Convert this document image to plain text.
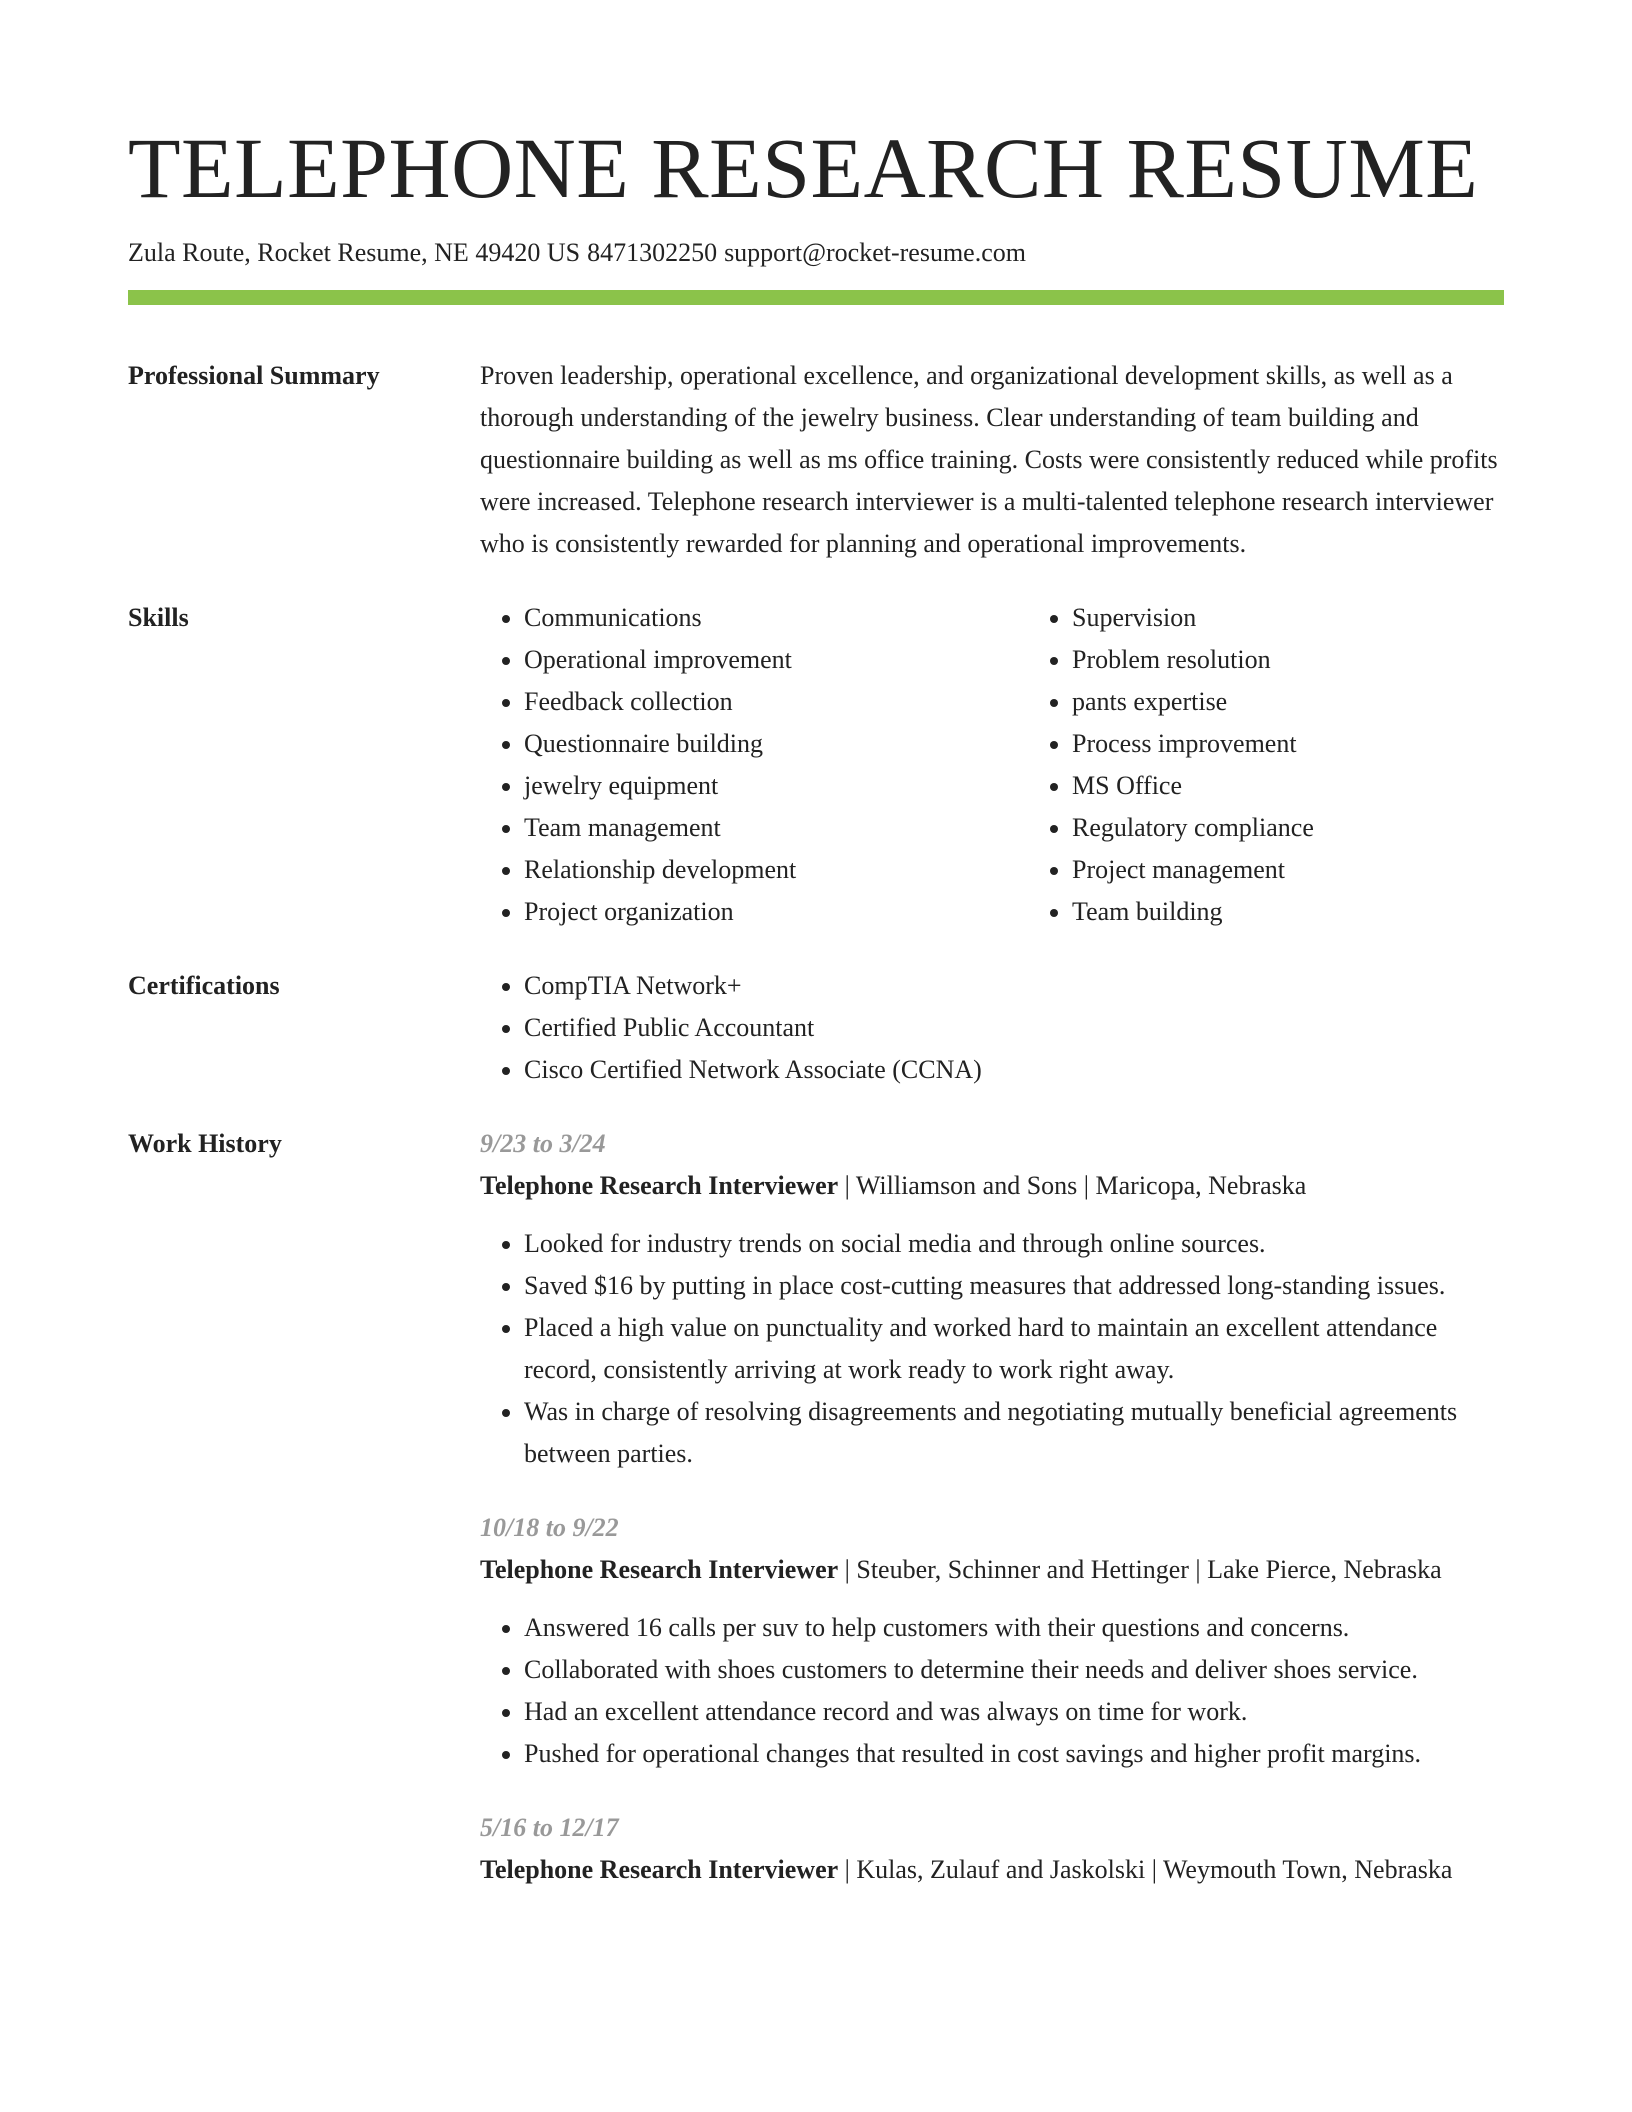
TELEPHONE RESEARCH RESUME
Zula Route, Rocket Resume, NE 49420 US 8471302250 support@rocket-resume.com
Professional Summary	Proven leadership, operational excellence, and organizational development skills, as well as a thorough understanding of the jewelry business. Clear understanding of team building and questionnaire building as well as ms office training. Costs were consistently reduced while profits were increased. Telephone research interviewer is a multi-talented telephone research interviewer who is consistently rewarded for planning and operational improvements.

Skills	• Communications
• Operational improvement
• Feedback collection
• Questionnaire building
• jewelry equipment
• Team management
• Relationship development
• Project organization
• Supervision
• Problem resolution
• pants expertise
• Process improvement
• MS Office
• Regulatory compliance
• Project management
• Team building
Certifications	• CompTIA Network+
• Certified Public Accountant
• Cisco Certified Network Associate (CCNA)
Work History	9/23 to 3/24
Telephone Research Interviewer | Williamson and Sons | Maricopa, Nebraska
• Looked for industry trends on social media and through online sources.
• Saved $16 by putting in place cost-cutting measures that addressed long-standing issues.
• Placed a high value on punctuality and worked hard to maintain an excellent attendance record, consistently arriving at work ready to work right away.
• Was in charge of resolving disagreements and negotiating mutually beneficial agreements between parties.
10/18 to 9/22
Telephone Research Interviewer | Steuber, Schinner and Hettinger | Lake Pierce, Nebraska
• Answered 16 calls per suv to help customers with their questions and concerns.
• Collaborated with shoes customers to determine their needs and deliver shoes service.
• Had an excellent attendance record and was always on time for work.
• Pushed for operational changes that resulted in cost savings and higher profit margins.
5/16 to 12/17
Telephone Research Interviewer | Kulas, Zulauf and Jaskolski | Weymouth Town, Nebraska
